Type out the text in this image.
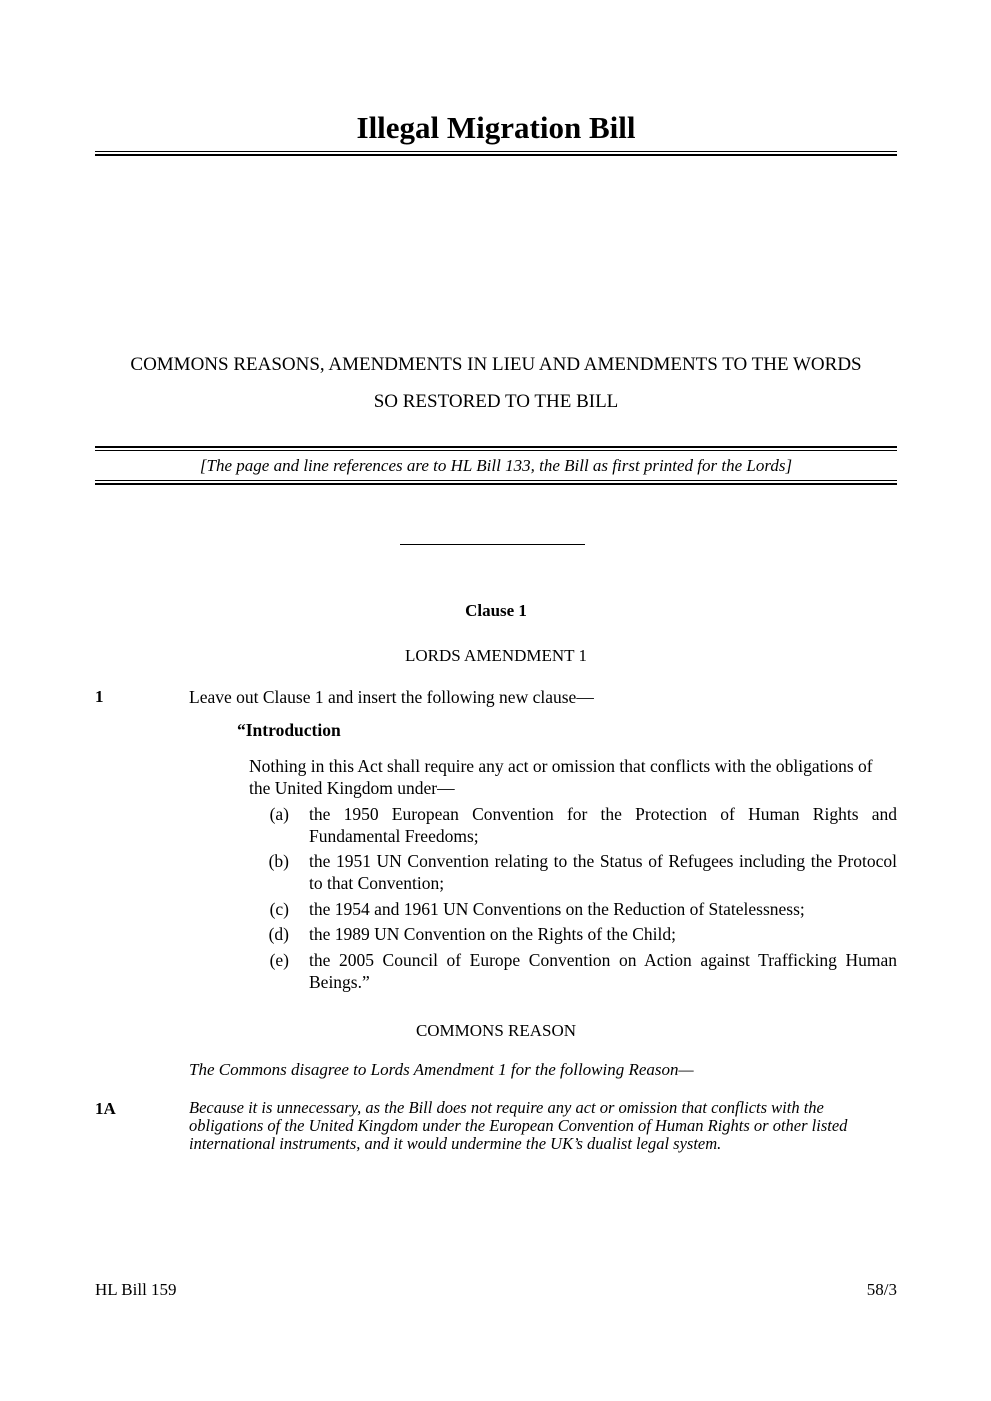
Illegal Migration Bill
COMMONS REASONS, AMENDMENTS IN LIEU AND AMENDMENTS TO THE WORDS
SO RESTORED TO THE BILL
[The page and line references are to HL Bill 133, the Bill as first printed for the Lords]
Clause 1
LORDS AMENDMENT 1
1	Leave out Clause 1 and insert the following new clause—
“Introduction
Nothing in this Act shall require any act or omission that conflicts with the obligations of the United Kingdom under—
(a) the 1950 European Convention for the Protection of Human Rights and Fundamental Freedoms;
(b) the 1951 UN Convention relating to the Status of Refugees including the Protocol to that Convention;
(c) the 1954 and 1961 UN Conventions on the Reduction of Statelessness;
(d) the 1989 UN Convention on the Rights of the Child;
(e) the 2005 Council of Europe Convention on Action against Trafficking Human Beings.”
COMMONS REASON
The Commons disagree to Lords Amendment 1 for the following Reason—
1A	Because it is unnecessary, as the Bill does not require any act or omission that conflicts with the obligations of the United Kingdom under the European Convention of Human Rights or other listed international instruments, and it would undermine the UK’s dualist legal system.
HL Bill 159	58/3
